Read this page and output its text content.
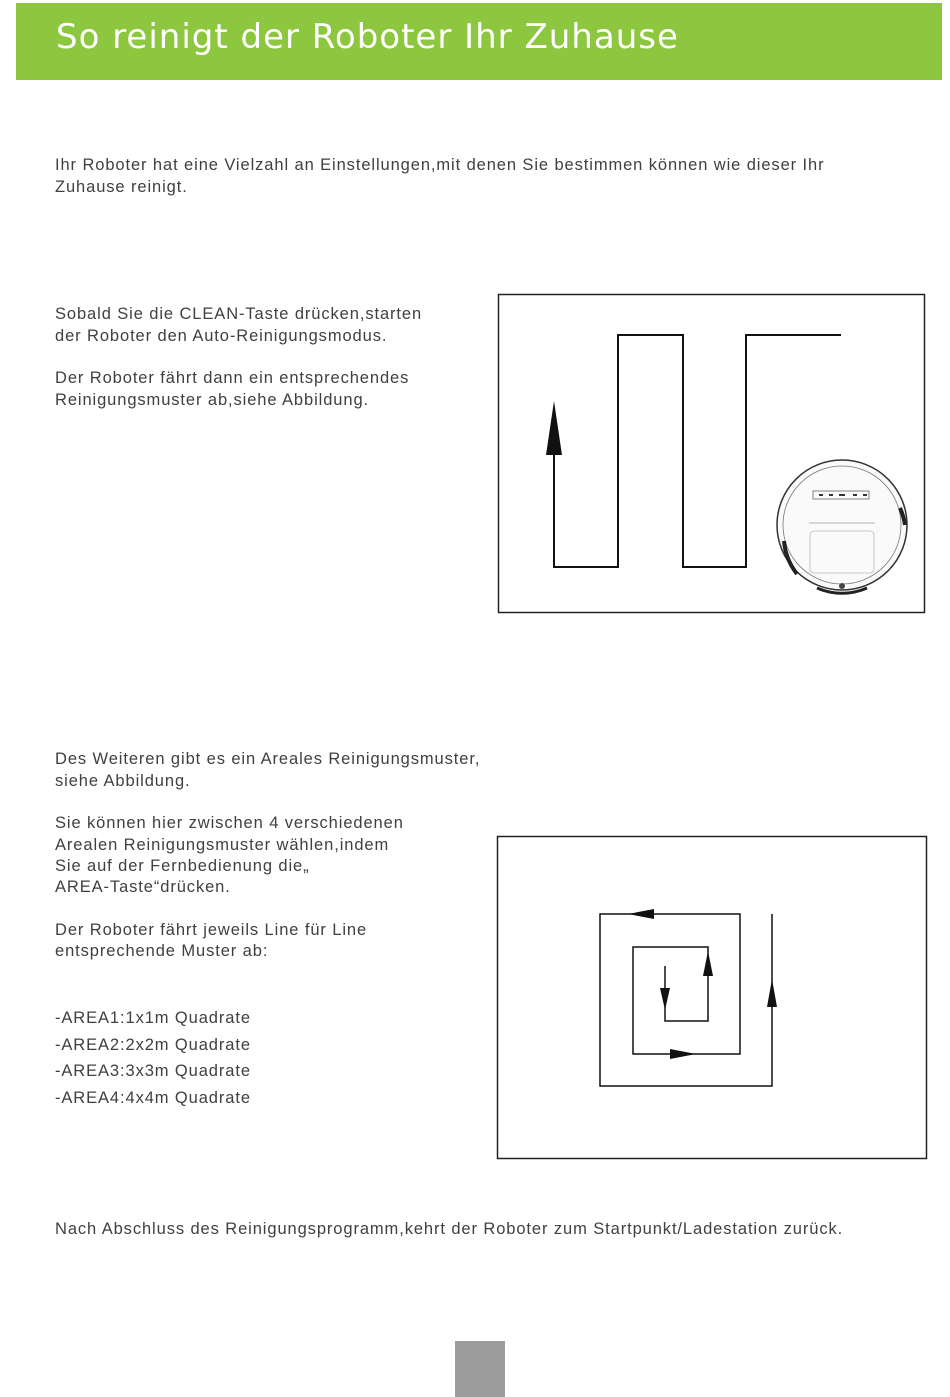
So reinigt der Roboter Ihr Zuhause

Ihr Roboter hat eine Vielzahl an Einstellungen,mit denen Sie bestimmen können wie dieser Ihr

Zuhause reinigt.

Sobald Sie die CLEAN-Taste drücken,starten

der Roboter den Auto-Reinigungsmodus.

Der Roboter fährt dann ein entsprechendes

Reinigungsmuster ab,siehe Abbildung.

Des Weiteren gibt es ein Areales Reinigungsmuster,

siehe Abbildung.

Sie können hier zwischen 4 verschiedenen

Arealen Reinigungsmuster wählen,indem

Sie auf der Fernbedienung die„

AREA-Taste“drücken.

Der Roboter fährt jeweils Line für Line

entsprechende Muster ab:

-AREA1:1x1m Quadrate

-AREA2:2x2m Quadrate

-AREA3:3x3m Quadrate

-AREA4:4x4m Quadrate

Nach Abschluss des Reinigungsprogramm,kehrt der Roboter zum Startpunkt/Ladestation zurück.
